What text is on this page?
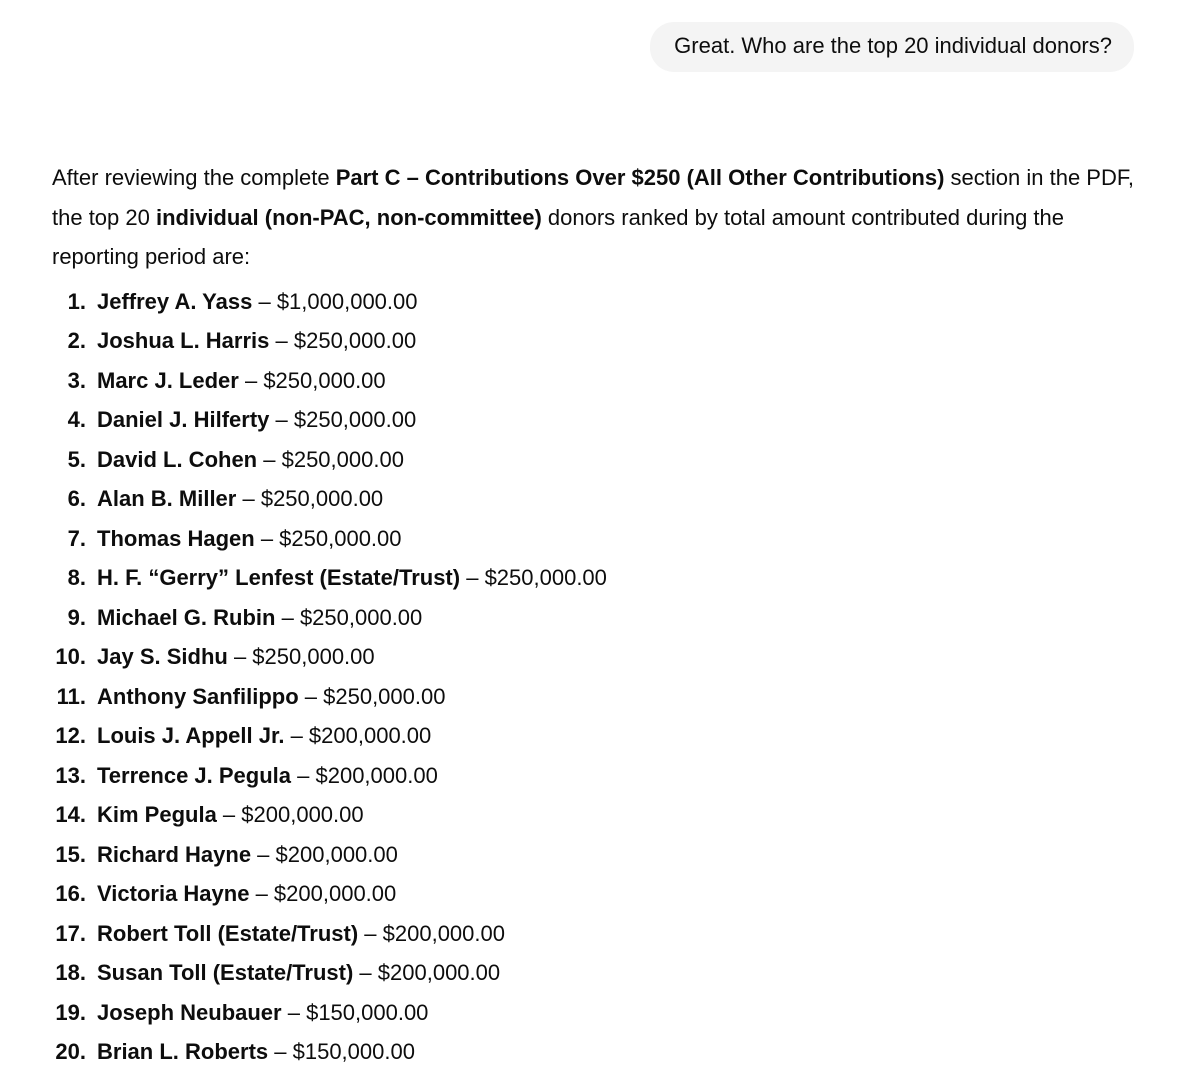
Great. Who are the top 20 individual donors?

After reviewing the complete Part C – Contributions Over $250 (All Other Contributions) section in the PDF, the top 20 individual (non-PAC, non-committee) donors ranked by total amount contributed during the reporting period are:

1. Jeffrey A. Yass – $1,000,000.00
2. Joshua L. Harris – $250,000.00
3. Marc J. Leder – $250,000.00
4. Daniel J. Hilferty – $250,000.00
5. David L. Cohen – $250,000.00
6. Alan B. Miller – $250,000.00
7. Thomas Hagen – $250,000.00
8. H. F. “Gerry” Lenfest (Estate/Trust) – $250,000.00
9. Michael G. Rubin – $250,000.00
10. Jay S. Sidhu – $250,000.00
11. Anthony Sanfilippo – $250,000.00
12. Louis J. Appell Jr. – $200,000.00
13. Terrence J. Pegula – $200,000.00
14. Kim Pegula – $200,000.00
15. Richard Hayne – $200,000.00
16. Victoria Hayne – $200,000.00
17. Robert Toll (Estate/Trust) – $200,000.00
18. Susan Toll (Estate/Trust) – $200,000.00
19. Joseph Neubauer – $150,000.00
20. Brian L. Roberts – $150,000.00
